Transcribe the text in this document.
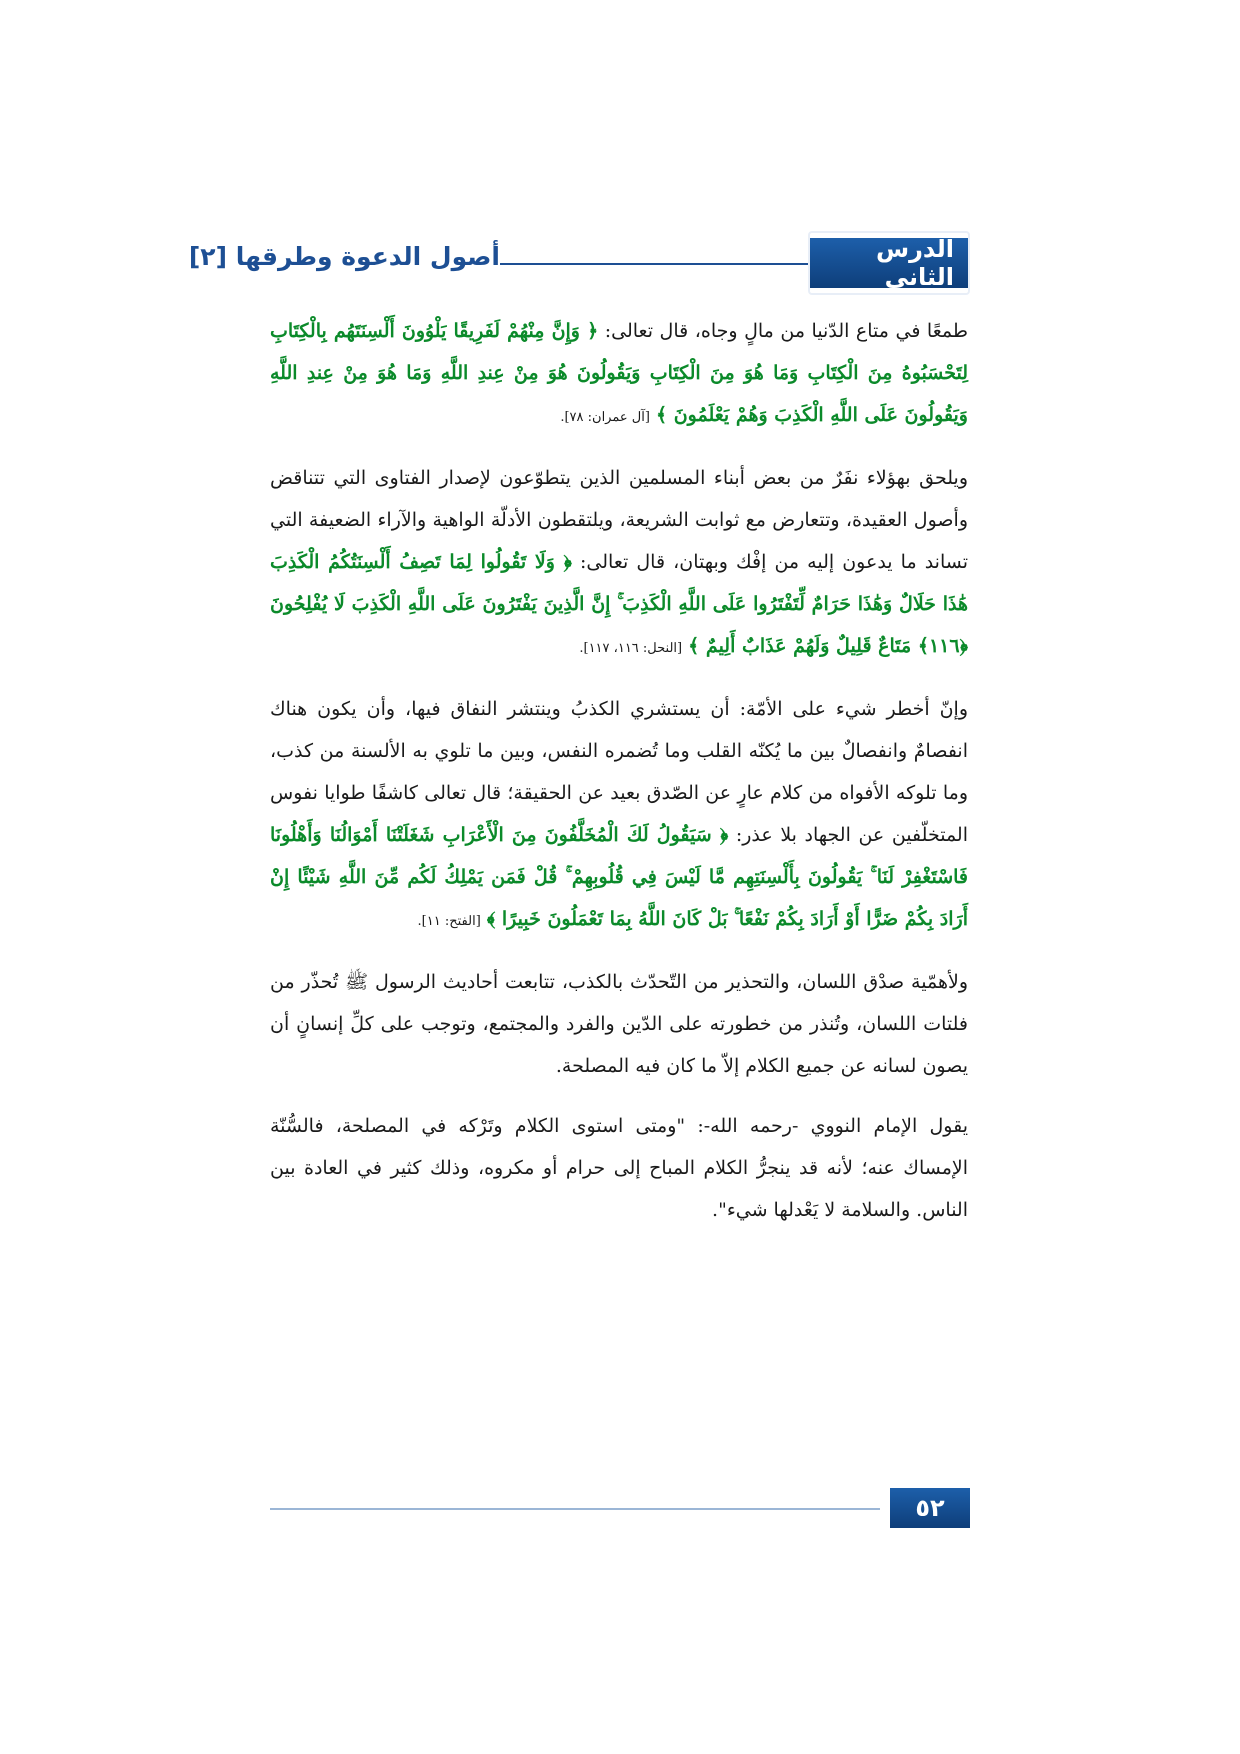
الدرس الثاني
أصول الدعوة وطرقها [٢]

طمعًا في متاع الدّنيا من مالٍ وجاه، قال تعالى: ﴿ وَإِنَّ مِنْهُمْ لَفَرِيقًا يَلْوُونَ أَلْسِنَتَهُم بِالْكِتَابِ لِتَحْسَبُوهُ مِنَ الْكِتَابِ وَمَا هُوَ مِنَ الْكِتَابِ وَيَقُولُونَ هُوَ مِنْ عِندِ اللَّهِ وَمَا هُوَ مِنْ عِندِ اللَّهِ وَيَقُولُونَ عَلَى اللَّهِ الْكَذِبَ وَهُمْ يَعْلَمُونَ ﴾ [آل عمران: ٧٨].

ويلحق بهؤلاء نفَرٌ من بعض أبناء المسلمين الذين يتطوّعون لإصدار الفتاوى التي تتناقض وأصول العقيدة، وتتعارض مع ثوابت الشريعة، ويلتقطون الأدلّة الواهية والآراء الضعيفة التي تساند ما يدعون إليه من إفْك وبهتان، قال تعالى: ﴿ وَلَا تَقُولُوا لِمَا تَصِفُ أَلْسِنَتُكُمُ الْكَذِبَ هَٰذَا حَلَالٌ وَهَٰذَا حَرَامٌ لِّتَفْتَرُوا عَلَى اللَّهِ الْكَذِبَ ۚ إِنَّ الَّذِينَ يَفْتَرُونَ عَلَى اللَّهِ الْكَذِبَ لَا يُفْلِحُونَ ﴿١١٦﴾ مَتَاعٌ قَلِيلٌ وَلَهُمْ عَذَابٌ أَلِيمٌ ﴾ [النحل: ١١٦، ١١٧].

وإنّ أخطر شيء على الأمّة: أن يستشري الكذبُ وينتشر النفاق فيها، وأن يكون هناك انفصامٌ وانفصالٌ بين ما يُكنّه القلب وما تُضمره النفس، وبين ما تلوي به الألسنة من كذب، وما تلوكه الأفواه من كلام عارٍ عن الصّدق بعيد عن الحقيقة؛ قال تعالى كاشفًا طوايا نفوس المتخلّفين عن الجهاد بلا عذر: ﴿ سَيَقُولُ لَكَ الْمُخَلَّفُونَ مِنَ الْأَعْرَابِ شَغَلَتْنَا أَمْوَالُنَا وَأَهْلُونَا فَاسْتَغْفِرْ لَنَا ۚ يَقُولُونَ بِأَلْسِنَتِهِم مَّا لَيْسَ فِي قُلُوبِهِمْ ۚ قُلْ فَمَن يَمْلِكُ لَكُم مِّنَ اللَّهِ شَيْئًا إِنْ أَرَادَ بِكُمْ ضَرًّا أَوْ أَرَادَ بِكُمْ نَفْعًا ۚ بَلْ كَانَ اللَّهُ بِمَا تَعْمَلُونَ خَبِيرًا ﴾ [الفتح: ١١].

ولأهمّية صدْق اللسان، والتحذير من التّحدّث بالكذب، تتابعت أحاديث الرسول ﷺ تُحذّر من فلتات اللسان، وتُنذر من خطورته على الدّين والفرد والمجتمع، وتوجب على كلِّ إنسانٍ أن يصون لسانه عن جميع الكلام إلاّ ما كان فيه المصلحة.

يقول الإمام النووي -رحمه الله-: "ومتى استوى الكلام وتَرْكه في المصلحة، فالسُّنّة الإمساك عنه؛ لأنه قد ينجرُّ الكلام المباح إلى حرام أو مكروه، وذلك كثير في العادة بين الناس. والسلامة لا يَعْدلها شيء".

٥٢
